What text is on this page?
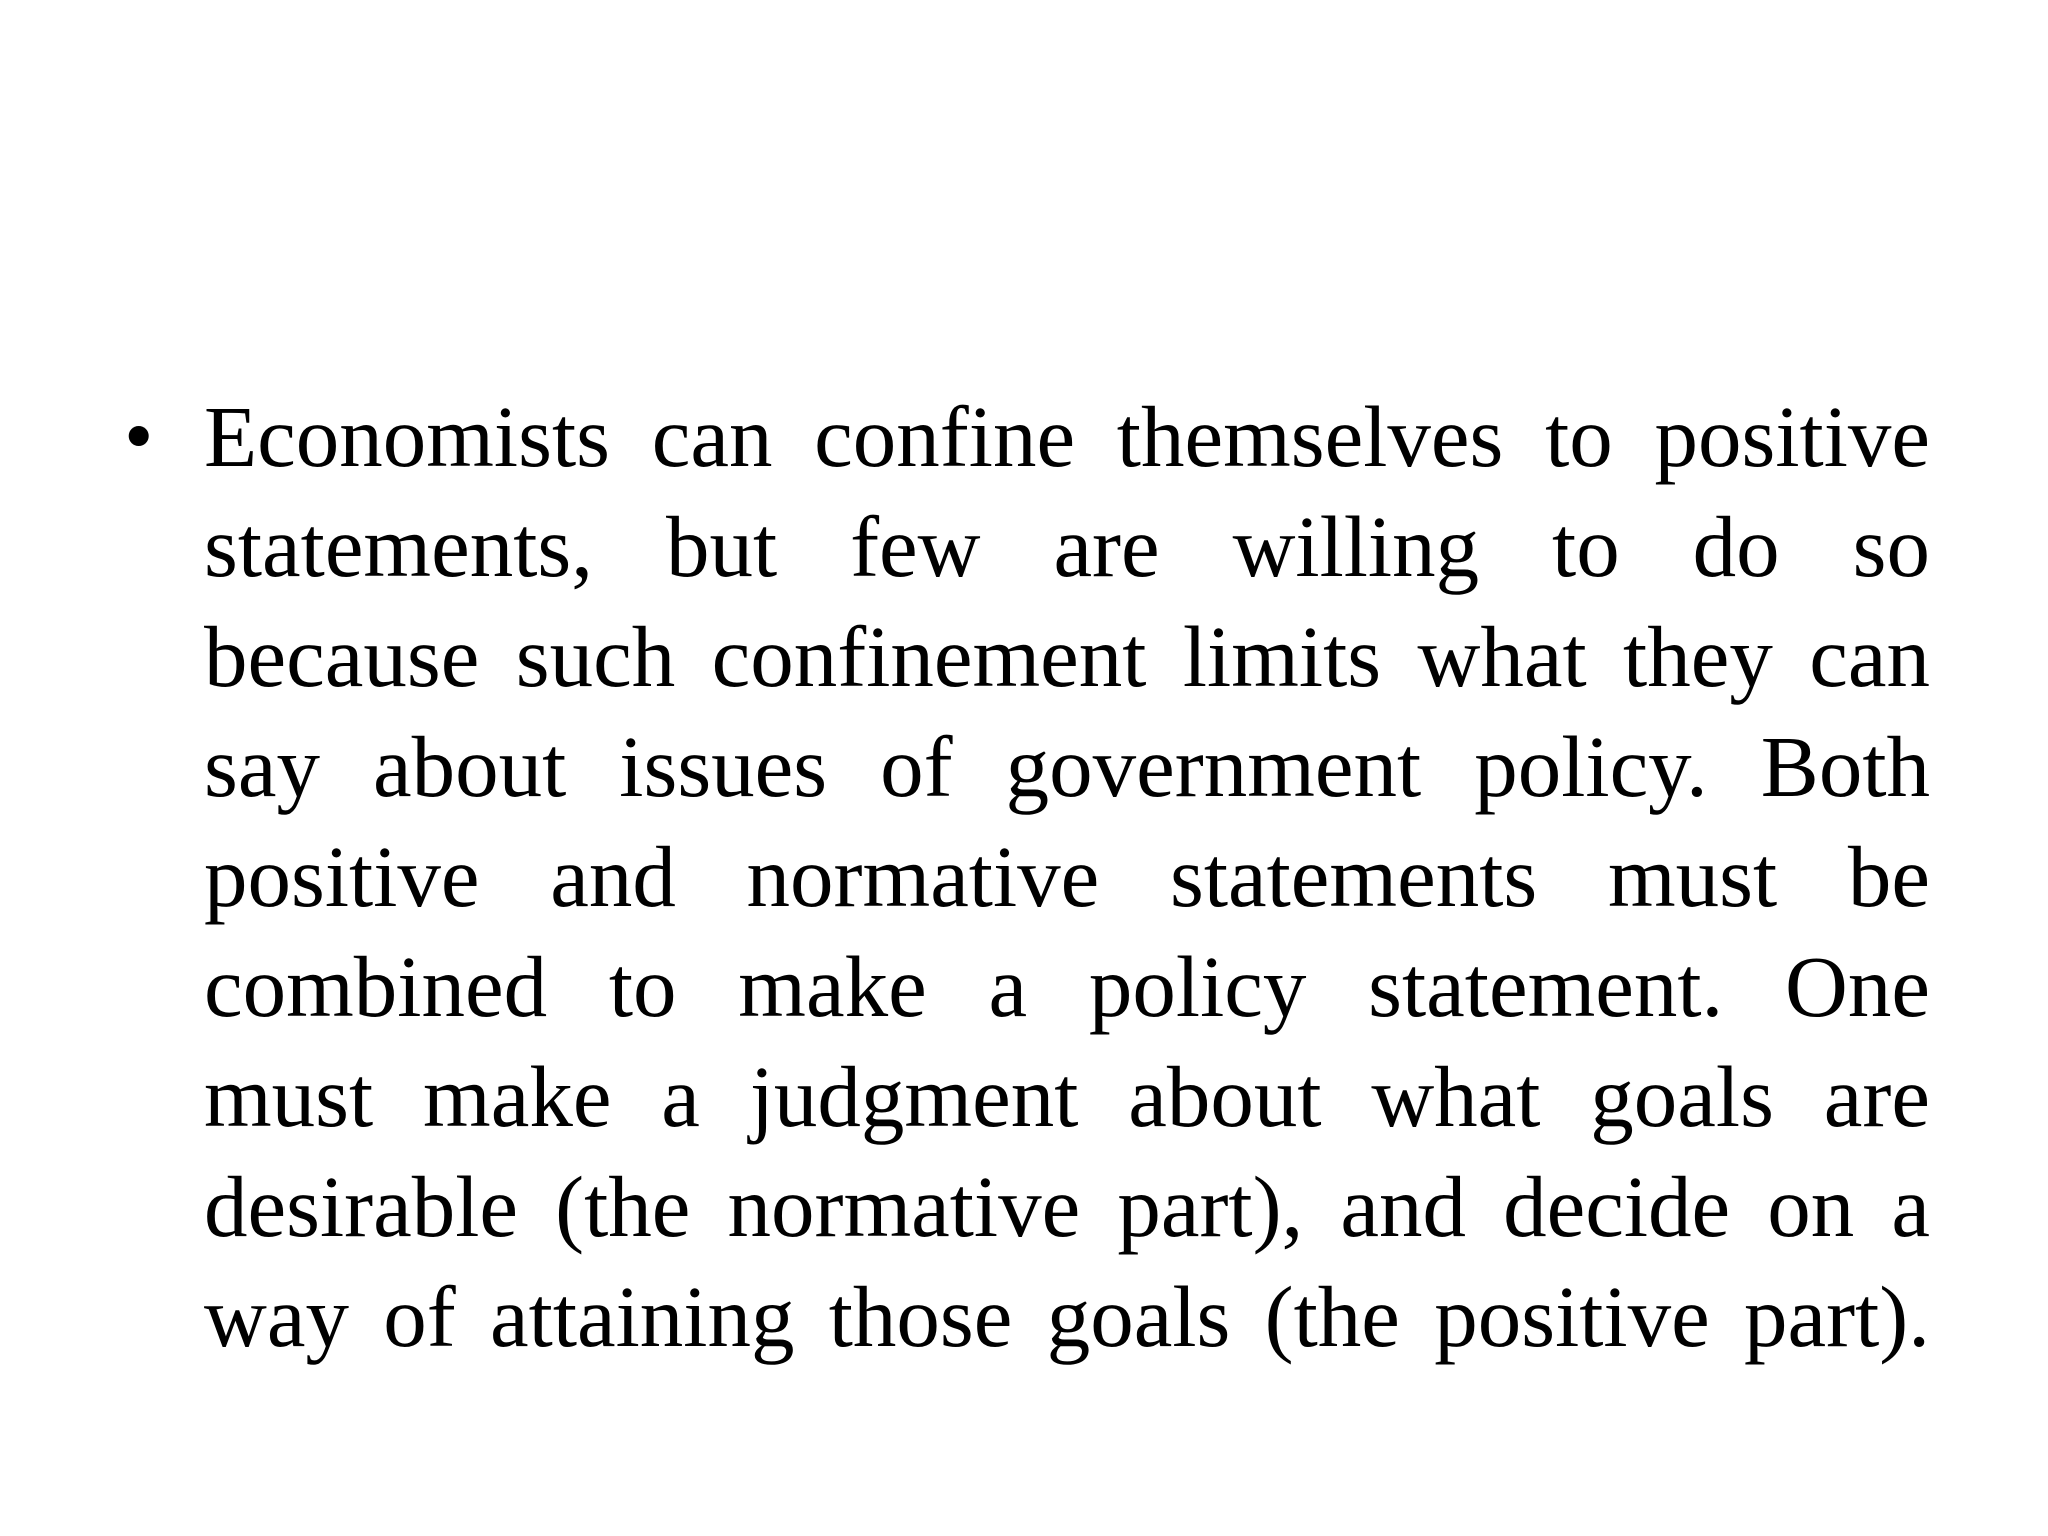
• Economists can confine themselves to positive
statements, but few are willing to do so
because such confinement limits what they can
say about issues of government policy. Both
positive and normative statements must be
combined to make a policy statement. One
must make a judgment about what goals are
desirable (the normative part), and decide on a
way of attaining those goals (the positive part).
